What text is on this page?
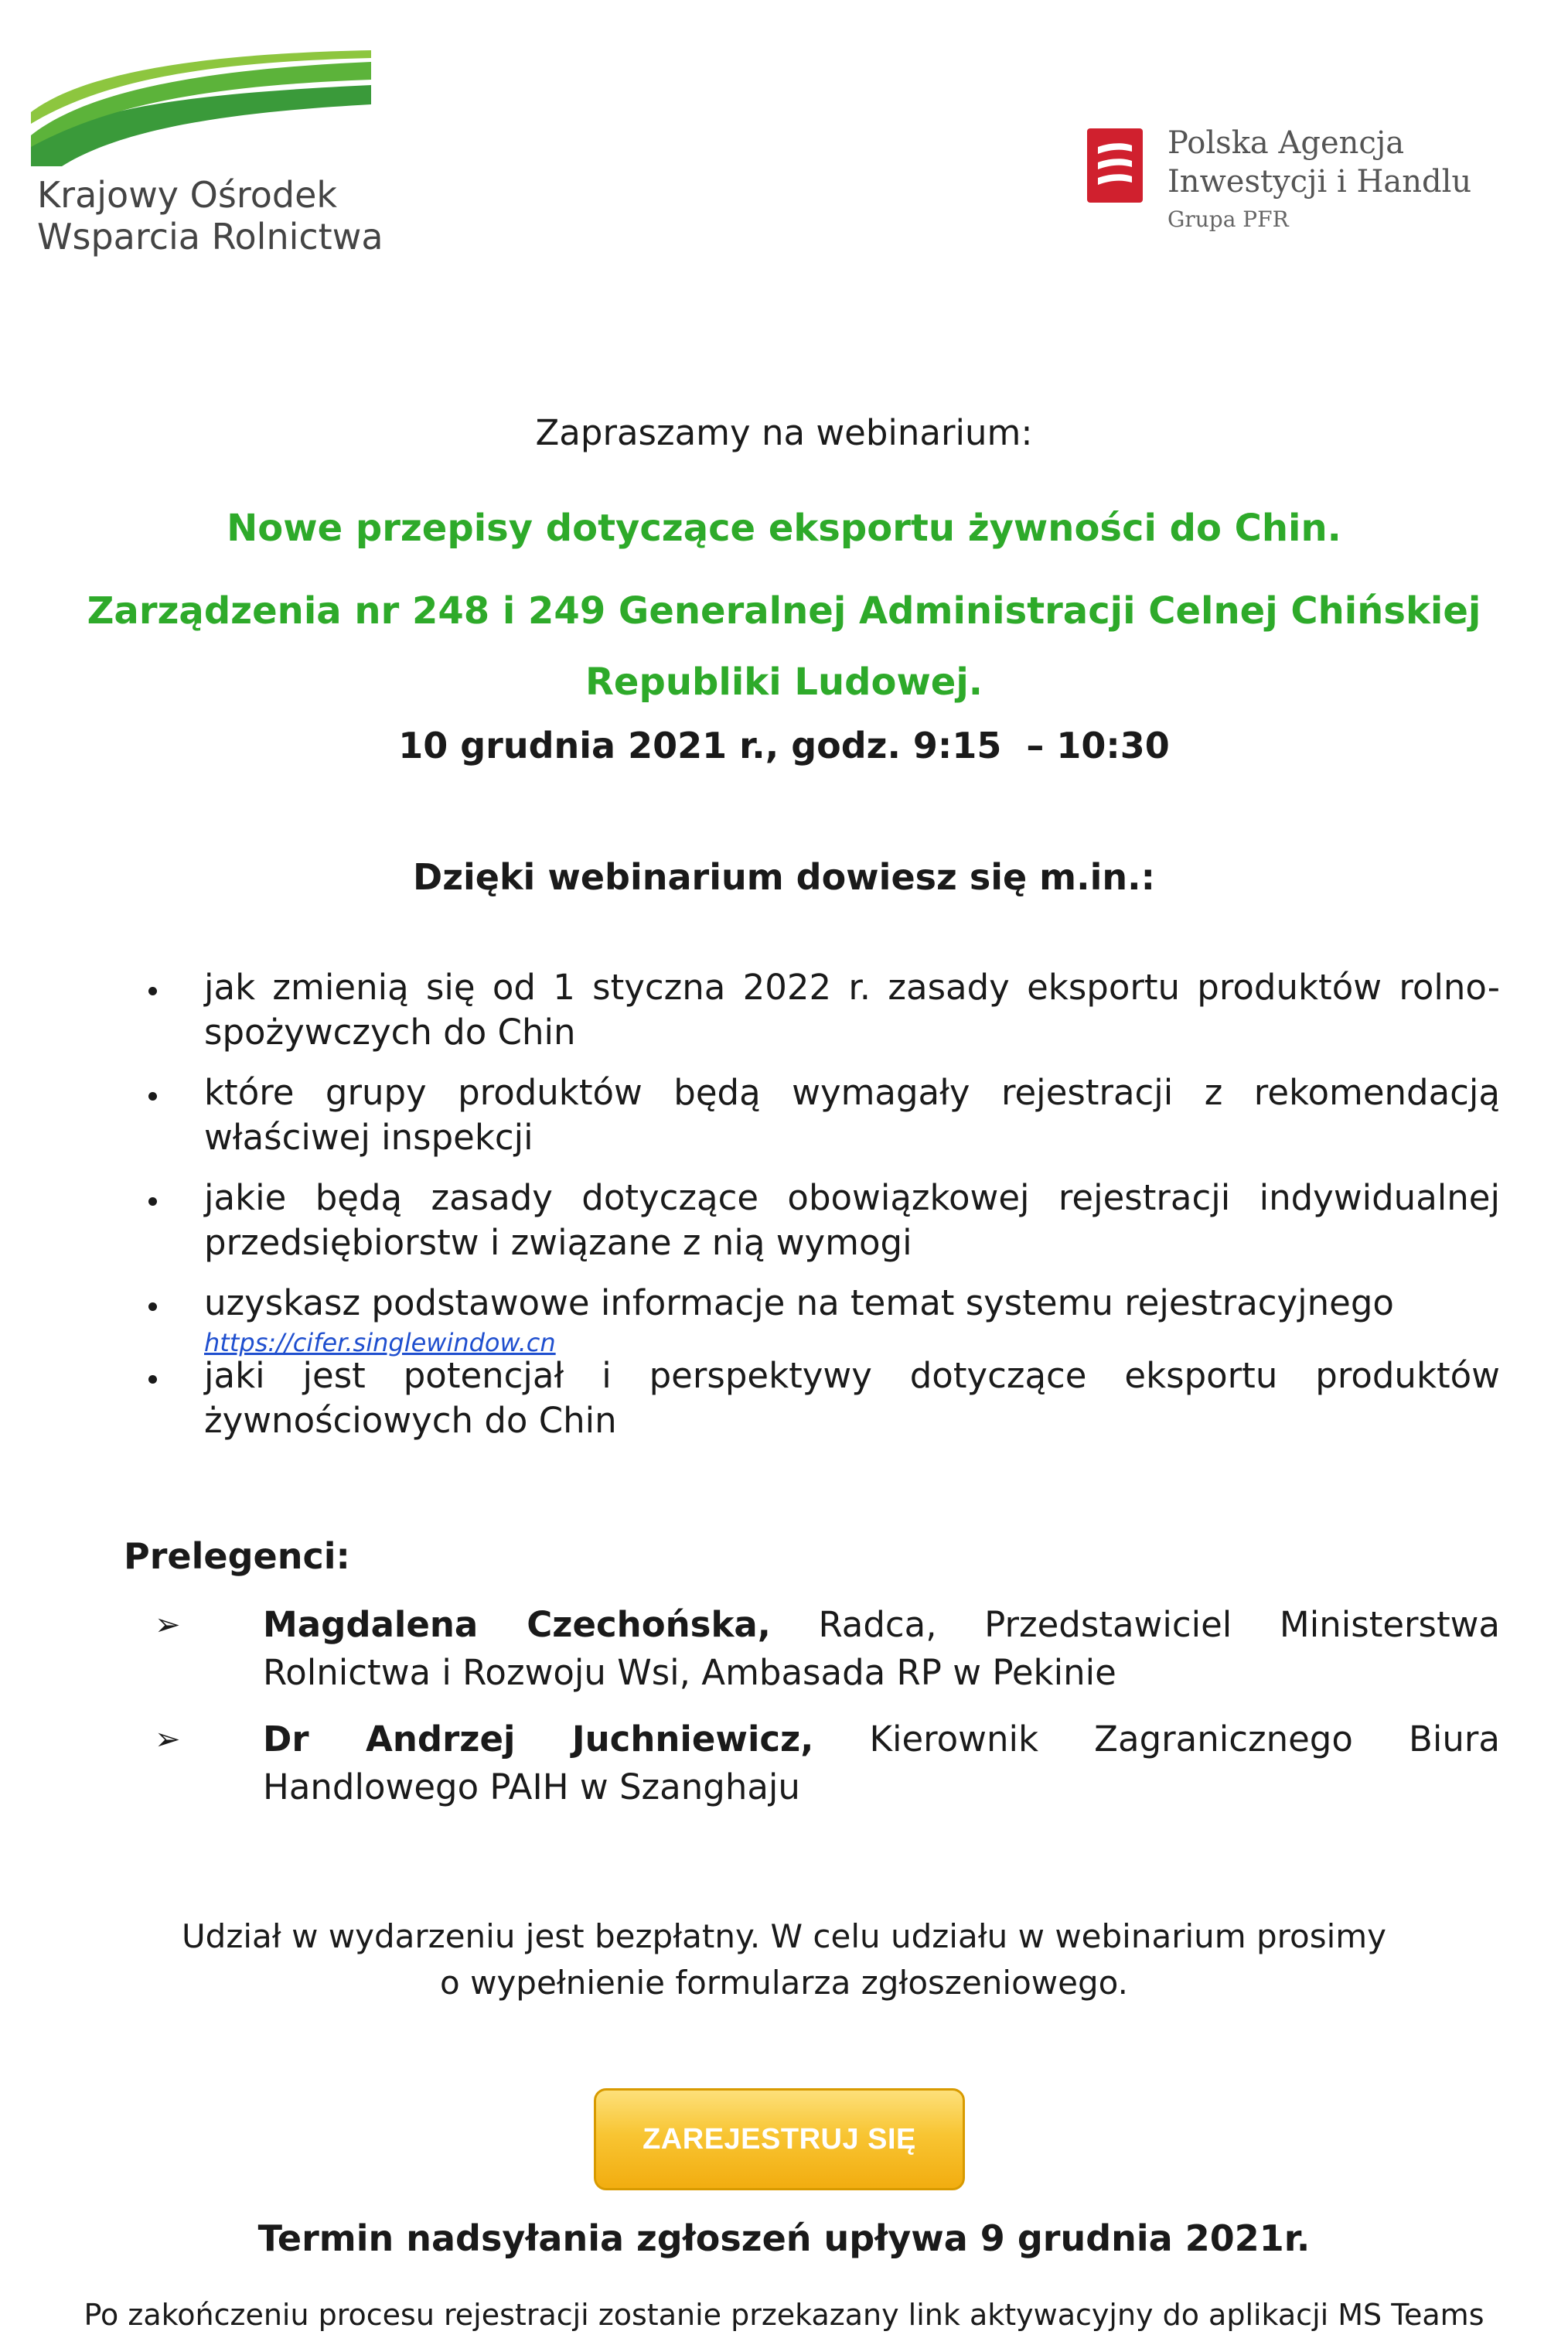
Krajowy Ośrodek
Wsparcia Rolnictwa
Polska Agencja
Inwestycji i Handlu
Grupa PFR
Zapraszamy na webinarium:
Nowe przepisy dotyczące eksportu żywności do Chin.
Zarządzenia nr 248 i 249 Generalnej Administracji Celnej Chińskiej
Republiki Ludowej.
10 grudnia 2021 r., godz. 9:15  – 10:30
Dzięki webinarium dowiesz się m.in.:
jak zmienią się od 1 styczna 2022 r. zasady eksportu produktów rolno-spożywczych do Chin
które grupy produktów będą wymagały rejestracji z rekomendacją właściwej inspekcji
jakie będą zasady dotyczące obowiązkowej rejestracji indywidualnej przedsiębiorstw i związane z nią wymogi
uzyskasz podstawowe informacje na temat systemu rejestracyjnego
https://cifer.singlewindow.cn
jaki jest potencjał i perspektywy dotyczące eksportu produktów żywnościowych do Chin
Prelegenci:
➢ Magdalena Czechońska, Radca, Przedstawiciel Ministerstwa Rolnictwa i Rozwoju Wsi, Ambasada RP w Pekinie
➢ Dr Andrzej Juchniewicz, Kierownik Zagranicznego Biura Handlowego PAIH w Szanghaju
Udział w wydarzeniu jest bezpłatny. W celu udziału w webinarium prosimy
o wypełnienie formularza zgłoszeniowego.
ZAREJESTRUJ SIĘ
Termin nadsyłania zgłoszeń upływa 9 grudnia 2021r.
Po zakończeniu procesu rejestracji zostanie przekazany link aktywacyjny do aplikacji MS Teams
